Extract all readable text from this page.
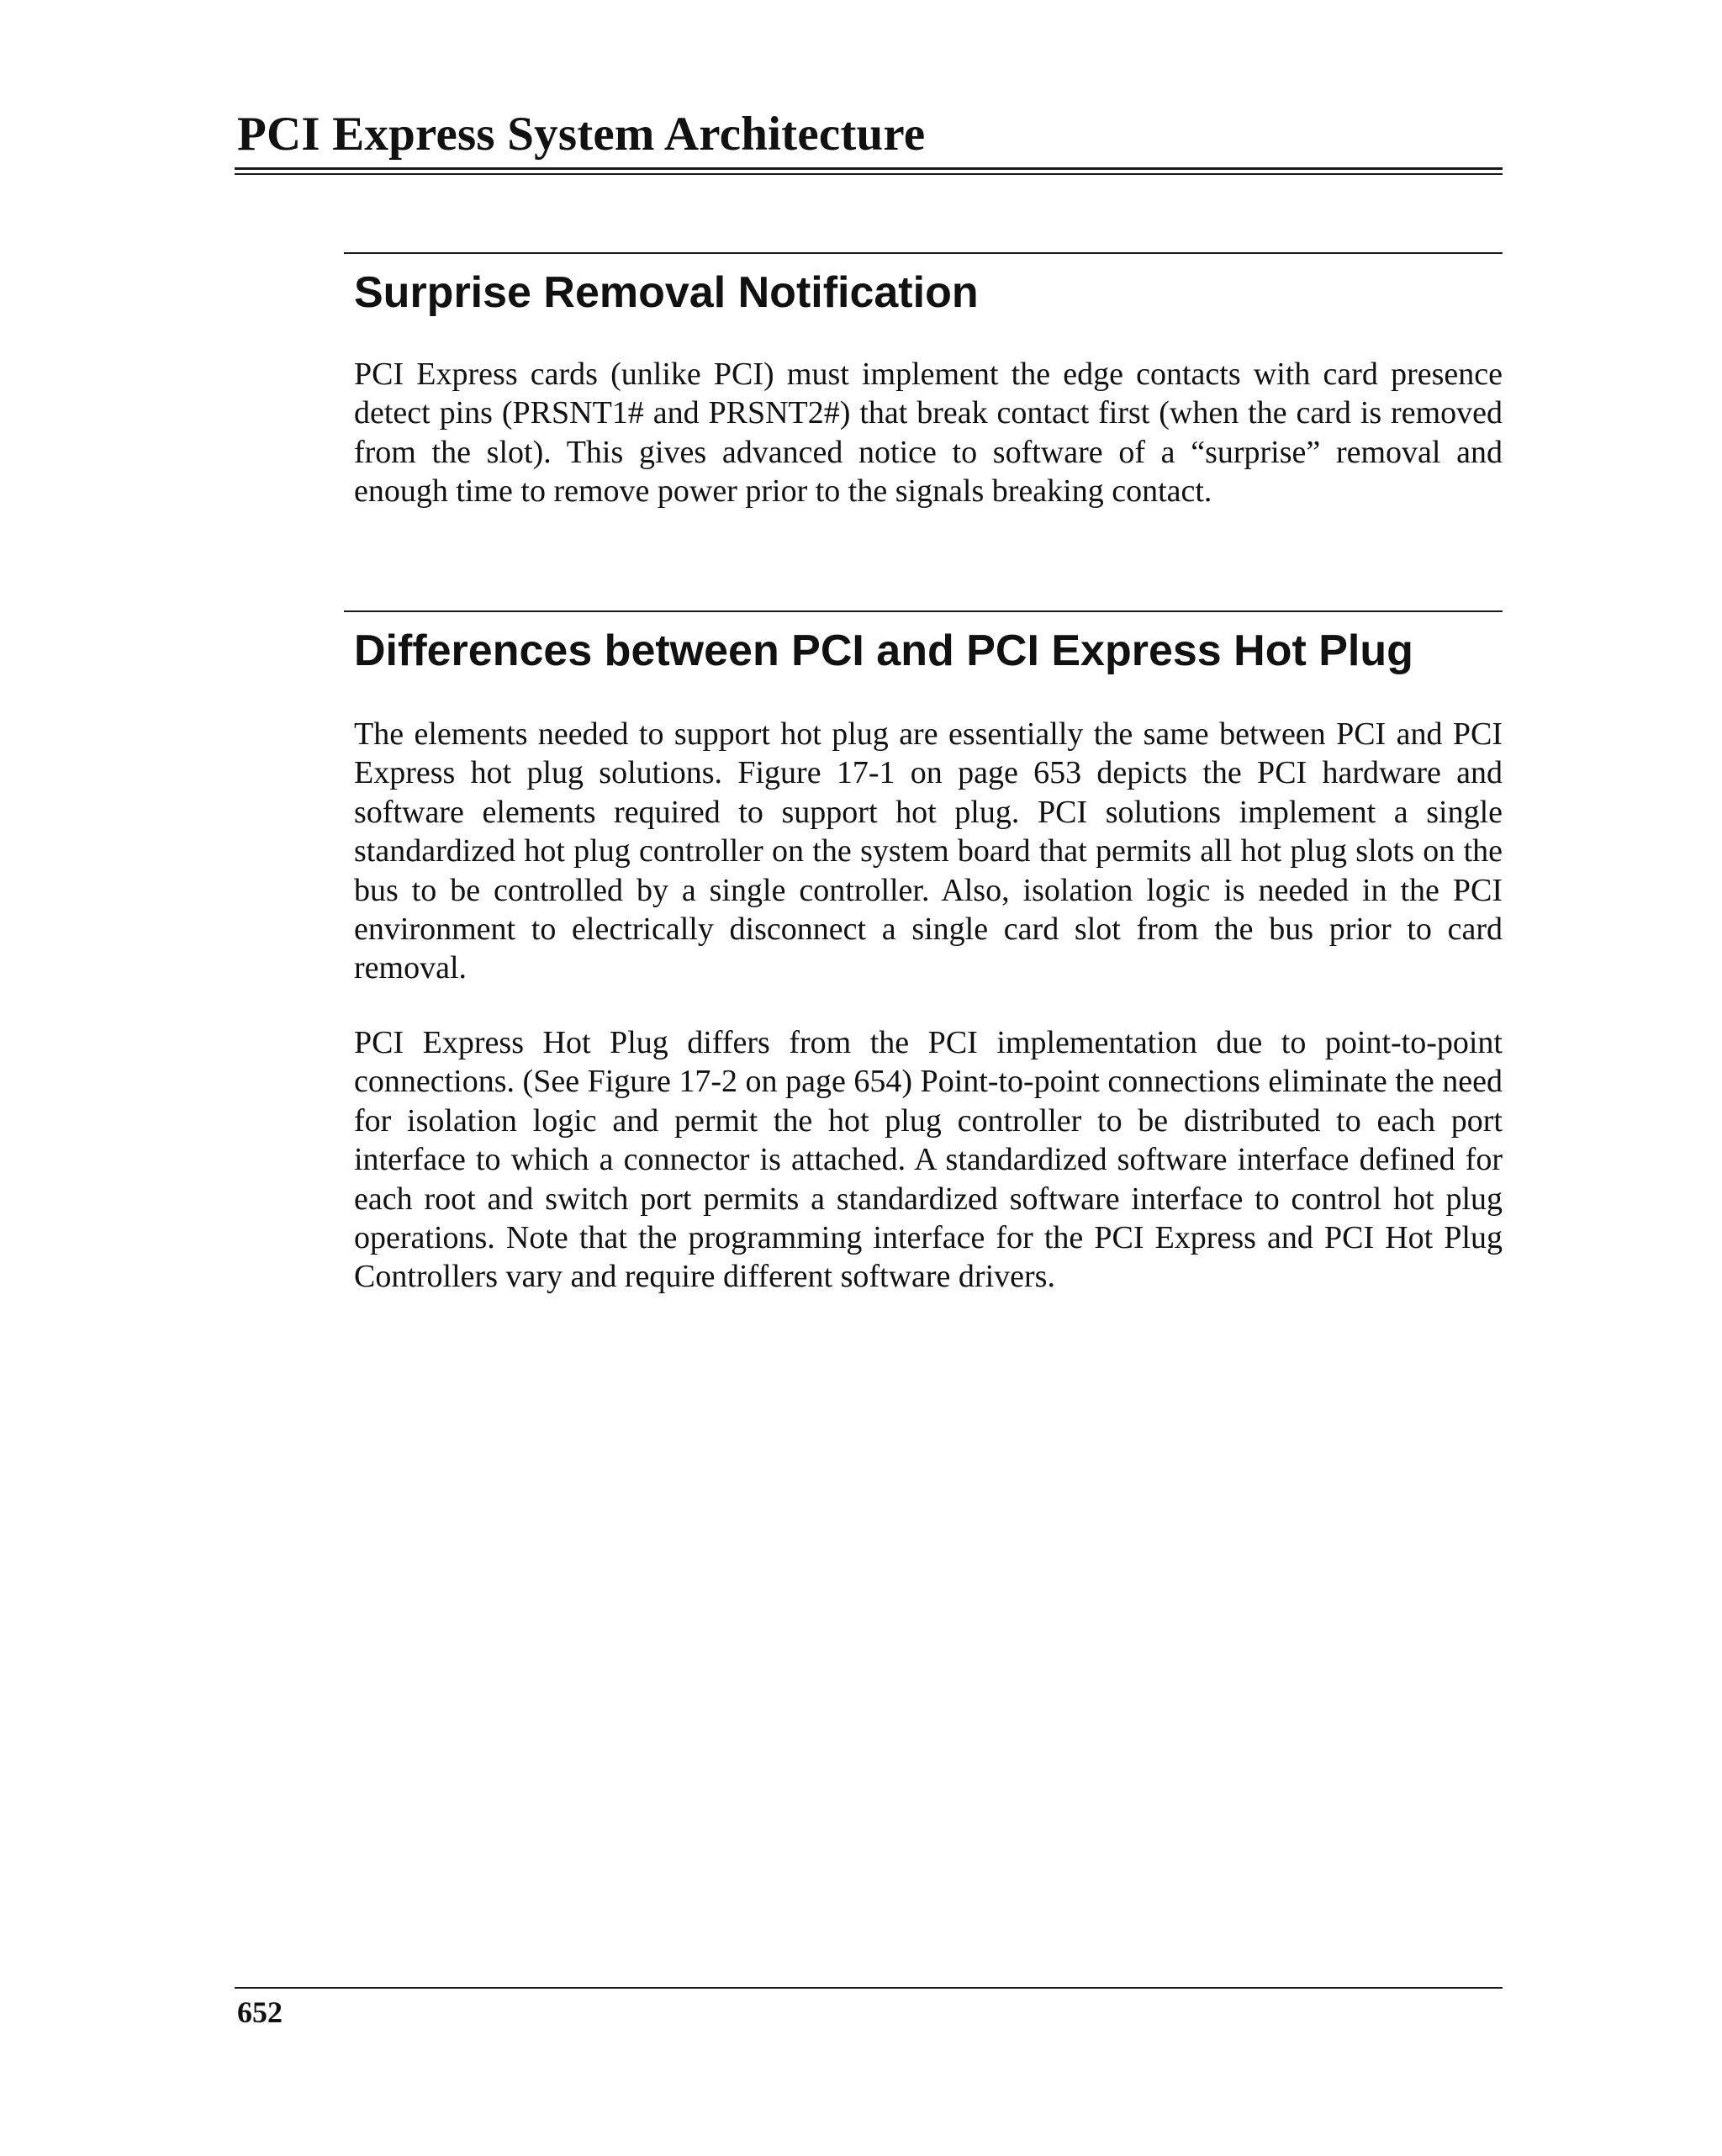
PCI Express System Architecture
Surprise Removal Notification

PCI Express cards (unlike PCI) must implement the edge contacts with card presence detect pins (PRSNT1# and PRSNT2#) that break contact first (when the card is removed from the slot). This gives advanced notice to software of a “surprise” removal and enough time to remove power prior to the signals breaking contact.

Differences between PCI and PCI Express Hot Plug

The elements needed to support hot plug are essentially the same between PCI and PCI Express hot plug solutions. Figure 17-1 on page 653 depicts the PCI hardware and software elements required to support hot plug. PCI solutions implement a single standardized hot plug controller on the system board that permits all hot plug slots on the bus to be controlled by a single controller. Also, isolation logic is needed in the PCI environment to electrically disconnect a single card slot from the bus prior to card removal.

PCI Express Hot Plug differs from the PCI implementation due to point-to-point connections. (See Figure 17-2 on page 654) Point-to-point connections eliminate the need for isolation logic and permit the hot plug controller to be distributed to each port interface to which a connector is attached. A standardized software interface defined for each root and switch port permits a standardized software interface to control hot plug operations. Note that the programming interface for the PCI Express and PCI Hot Plug Controllers vary and require different software drivers.

652
